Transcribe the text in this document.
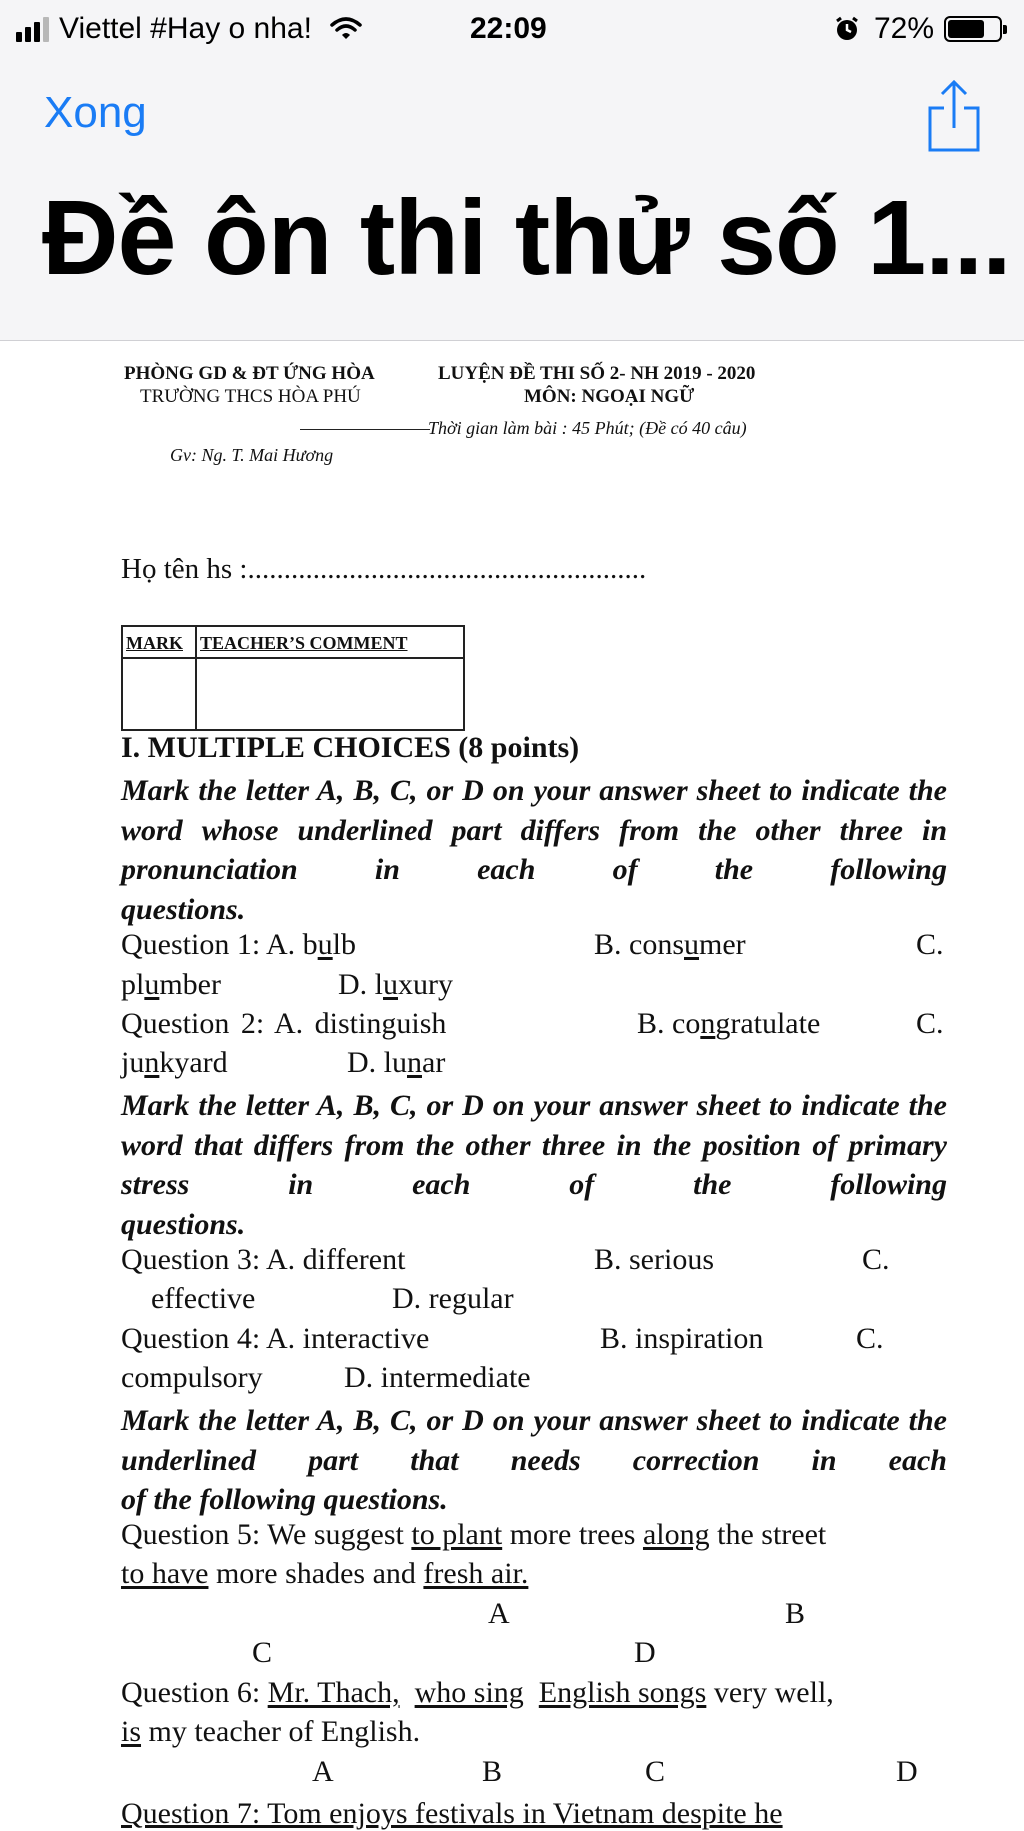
Viettel #Hay o nha!	22:09	72%
Xong
Đề ôn thi thử số 1...
PHÒNG GD & ĐT ỨNG HÒA
TRƯỜNG THCS HÒA PHÚ
Gv: Ng. T. Mai Hương
LUYỆN ĐỀ THI SỐ 2- NH 2019 - 2020
MÔN: NGOẠI NGỮ
Thời gian làm bài : 45 Phút; (Đề có 40 câu)
Họ tên hs :.......................................................
MARK	TEACHER’S COMMENT

I. MULTIPLE CHOICES (8 points)
Mark the letter A, B, C, or D on your answer sheet to indicate the word whose underlined part differs from the other three in pronunciation in each of the following
questions.
Question 1: A. bulb	B. consumer	C.
plumber	D. luxury
Question 2: A. distinguish	B. congratulate	C.
junkyard	D. lunar
Mark the letter A, B, C, or D on your answer sheet to indicate the word that differs from the other three in the position of primary stress in each of the following
questions.
Question 3: A. different	B. serious	C.
effective	D. regular
Question 4: A. interactive	B. inspiration	C.
compulsory	D. intermediate
Mark the letter A, B, C, or D on your answer sheet to indicate the underlined part that needs correction in each
of the following questions.
Question 5: We suggest to plant more trees along the street
to have more shades and fresh air.
A	B
C	D
Question 6: Mr. Thach, who sing English songs very well,
is my teacher of English.
A	B	C	D
Question 7: Tom enjoys festivals in Vietnam despite he
